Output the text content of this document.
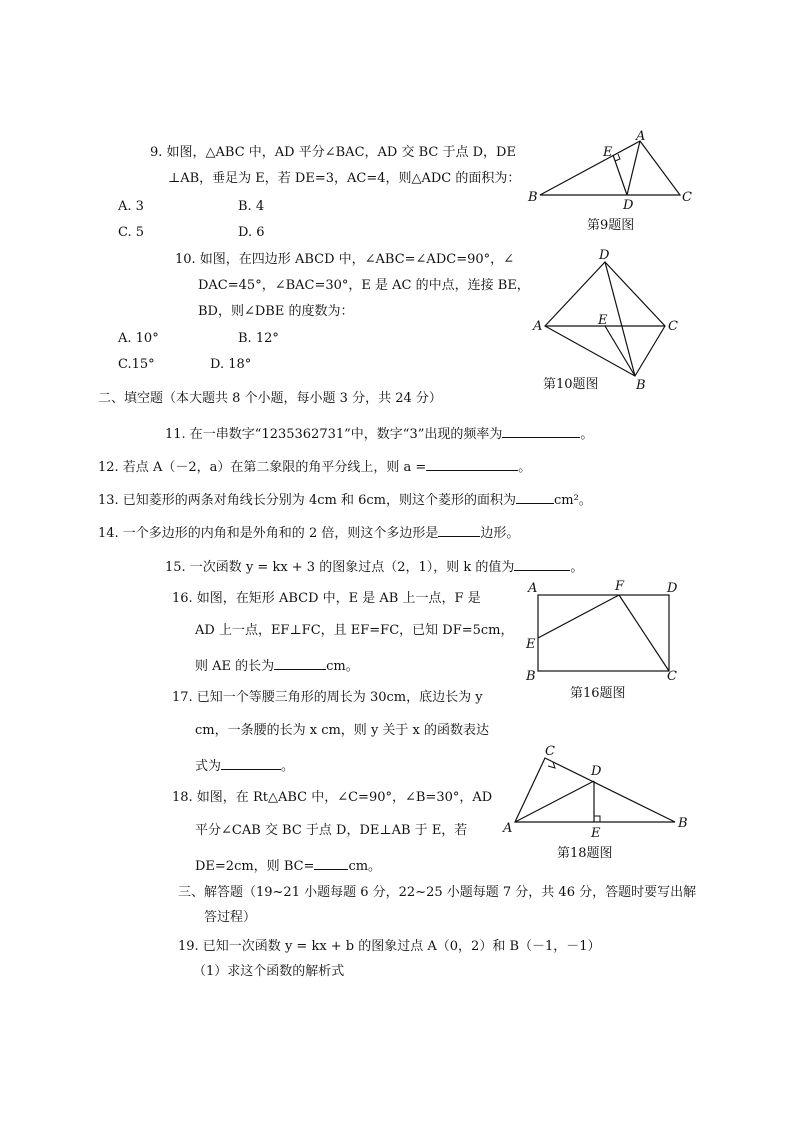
9. 如图，△ABC 中，AD 平分∠BAC，AD 交 BC 于点 D，DE
⊥AB，垂足为 E，若 DE=3，AC=4，则△ADC 的面积为：
A. 3	B. 4
C. 5	D. 6
B
A
C
D
E
第9题图
10. 如图，在四边形 ABCD 中，∠ABC=∠ADC=90°，∠
DAC=45°，∠BAC=30°，E 是 AC 的中点，连接 BE，
BD，则∠DBE 的度数为：
A. 10°	B. 12°
C.15°	D. 18°
A
D
C
B
E
第10题图
二、填空题（本大题共 8 个小题，每小题 3 分，共 24 分）
11. 在一串数字“1235362731”中，数字“3”出现的频率为	。
12. 若点 A（－2，a）在第二象限的角平分线上，则 a =	。
13. 已知菱形的两条对角线长分别为 4cm 和 6cm，则这个菱形的面积为	cm²。
14. 一个多边形的内角和是外角和的 2 倍，则这个多边形是	边形。
15. 一次函数 y = kx + 3 的图象过点（2，1），则 k 的值为	。
16. 如图，在矩形 ABCD 中，E 是 AB 上一点，F 是
AD 上一点，EF⊥FC，且 EF=FC，已知 DF=5cm，
则 AE 的长为	cm。
A	F	D
E
B	C
第16题图
17. 已知一个等腰三角形的周长为 30cm，底边长为 y
cm，一条腰的长为 x cm，则 y 关于 x 的函数表达
式为	。
18. 如图，在 Rt△ABC 中，∠C=90°，∠B=30°，AD
平分∠CAB 交 BC 于点 D，DE⊥AB 于 E，若
DE=2cm，则 BC=	cm。
A
C
D
E
B
第18题图
三、解答题（19~21 小题每题 6 分，22~25 小题每题 7 分，共 46 分，答题时要写出解
答过程）
19. 已知一次函数 y = kx + b 的图象过点 A（0，2）和 B（－1，－1）
（1）求这个函数的解析式
